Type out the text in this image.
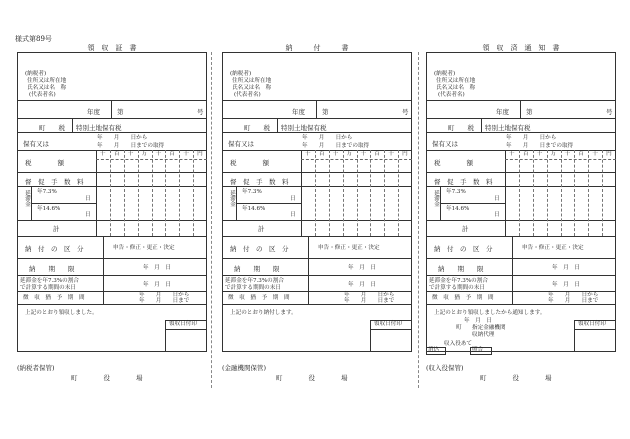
様式第89号
領　収　証　書
(納税者)
住所又は所在地
氏名又は名　称
(代表者名)
年度	第	号
町　　税 特別土地保有税
保有又は
年　　月　　日から
年　　月　　日までの取得
税　　　　額
督　促　手　数　料
延滞金 年7.3%
日
年14.6%
日
計
納　付　の　区　分	申告・修正・更正・決定
納　　期　　限	年　月　日
延滞金を年7.3%の割合
で計算する期間の末日	年　月　日
徴　収　猶　予　期　間	年　　月　　日から
年　　月　　日まで
上記のとおり領収しました。
領収日付印
千 百 十 万 千 百 十 円
(納税者保管)
町　　　　役　　　　場
納　　　付　　　書
(納税者)
住所又は所在地
氏名又は名　称
(代表者名)
年度	第	号
町　　税 特別土地保有税
保有又は
年　　月　　日から
年　　月　　日までの取得
税　　　　額
督　促　手　数　料
延滞金 年7.3%
日
年14.6%
日
計
納　付　の　区　分	申告・修正・更正・決定
納　　期　　限	年　月　日
延滞金を年7.3%の割合
で計算する期間の末日	年　月　日
徴　収　猶　予　期　間	年　　月　　日から
年　　月　　日まで
上記のとおり納付します。
領収日付印
千 百 十 万 千 百 十 円
(金融機関保管)
町　　　　役　　　　場
領　収　済　通　知　書
(納税者)
住所又は所在地
氏名又は名　称
(代表者名)
年度	第	号
町　　税 特別土地保有税
保有又は
年　　月　　日から
年　　月　　日までの取得
税　　　　額
督　促　手　数　料
延滞金 年7.3%
日
年14.6%
日
計
納　付　の　区　分	申告・修正・更正・決定
納　　期　　限	年　月　日
延滞金を年7.3%の割合
で計算する期間の末日	年　月　日
徴　収　猶　予　期　間	年　　月　　日から
年　　月　　日まで
上記のとおり領収しましたから通知します。
年　月　日
町 指定金融機関
収納代理
収入役あて
消込	照合
領収日付印
千 百 十 万 千 百 十 円
(収入役保管)
町　　　　役　　　　場
